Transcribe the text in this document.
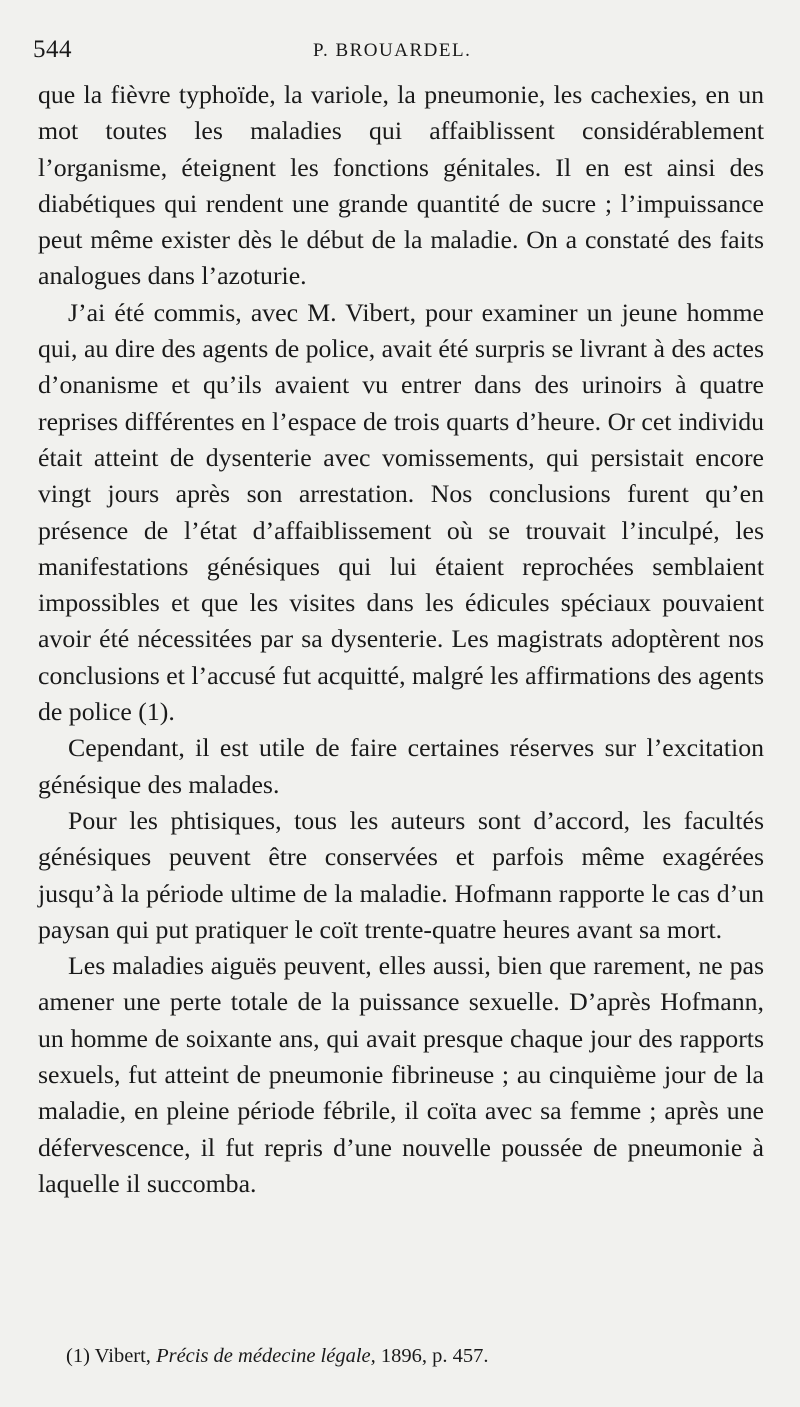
544	P. BROUARDEL.

que la fièvre typhoïde, la variole, la pneumonie, les cachexies, en un mot toutes les maladies qui affaiblissent considérablement l’organisme, éteignent les fonctions génitales. Il en est ainsi des diabétiques qui rendent une grande quantité de sucre ; l’impuissance peut même exister dès le début de la maladie. On a constaté des faits analogues dans l’azoturie.

J’ai été commis, avec M. Vibert, pour examiner un jeune homme qui, au dire des agents de police, avait été surpris se livrant à des actes d’onanisme et qu’ils avaient vu entrer dans des urinoirs à quatre reprises différentes en l’espace de trois quarts d’heure. Or cet individu était atteint de dysenterie avec vomissements, qui persistait encore vingt jours après son arrestation. Nos conclusions furent qu’en présence de l’état d’affaiblissement où se trouvait l’inculpé, les manifestations génésiques qui lui étaient reprochées semblaient impossibles et que les visites dans les édicules spéciaux pouvaient avoir été nécessitées par sa dysenterie. Les magistrats adoptèrent nos conclusions et l’accusé fut acquitté, malgré les affirmations des agents de police (1).

Cependant, il est utile de faire certaines réserves sur l’excitation génésique des malades.

Pour les phtisiques, tous les auteurs sont d’accord, les facultés génésiques peuvent être conservées et parfois même exagérées jusqu’à la période ultime de la maladie. Hofmann rapporte le cas d’un paysan qui put pratiquer le coït trente-quatre heures avant sa mort.

Les maladies aiguës peuvent, elles aussi, bien que rarement, ne pas amener une perte totale de la puissance sexuelle. D’après Hofmann, un homme de soixante ans, qui avait presque chaque jour des rapports sexuels, fut atteint de pneumonie fibrineuse ; au cinquième jour de la maladie, en pleine période fébrile, il coïta avec sa femme ; après une défervescence, il fut repris d’une nouvelle poussée de pneumonie à laquelle il succomba.

(1) Vibert, Précis de médecine légale, 1896, p. 457.
